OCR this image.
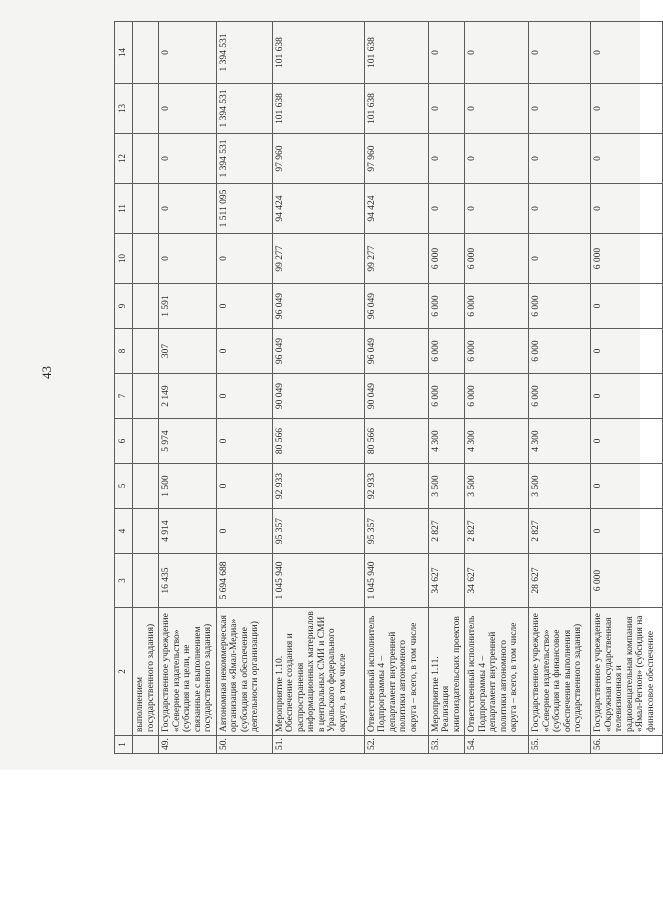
43
1	2	3	4	5	6	7	8	9	10	11	12	13	14
	выполнением государственного задания)												
49.	Государственное учреждение «Северное издательство» (субсидия на цели, не связанные с выполнением государственного задания)	16 435	4 914	1 500	5 974	2 149	307	1 591	0	0	0	0	0
50.	Автономная некоммерческая организация «Ямал-Медиа» (субсидия на обеспечение деятельности организации)	5 694 688	0	0	0	0	0	0	0	1 511 095	1 394 531	1 394 531	1 394 531
51.	Мероприятие 1.10. Обеспечение создания и распространения информационных материалов в центральных СМИ и СМИ Уральского федерального округа, в том числе	1 045 940	95 357	92 933	80 566	90 049	96 049	96 049	99 277	94 424	97 960	101 638	101 638
52.	Ответственный исполнитель Подпрограммы 4 – департамент внутренней политики автономного округа – всего, в том числе	1 045 940	95 357	92 933	80 566	90 049	96 049	96 049	99 277	94 424	97 960	101 638	101 638
53.	Мероприятие 1.11. Реализация книгоиздательских проектов	34 627	2 827	3 500	4 300	6 000	6 000	6 000	6 000	0	0	0	0
54.	Ответственный исполнитель Подпрограммы 4 – департамент внутренней политики автономного округа – всего, в том числе	34 627	2 827	3 500	4 300	6 000	6 000	6 000	6 000	0	0	0	0
55.	Государственное учреждение «Северное издательство» (субсидия на финансовое обеспечение выполнения государственного задания)	28 627	2 827	3 500	4 300	6 000	6 000	6 000	0	0	0	0	0
56.	Государственное учреждение «Окружная государственная телевизионная и радиовещательная компания «Ямал-Регион» (субсидия на финансовое обеспечение	6 000	0	0	0	0	0	0	6 000	0	0	0	0
